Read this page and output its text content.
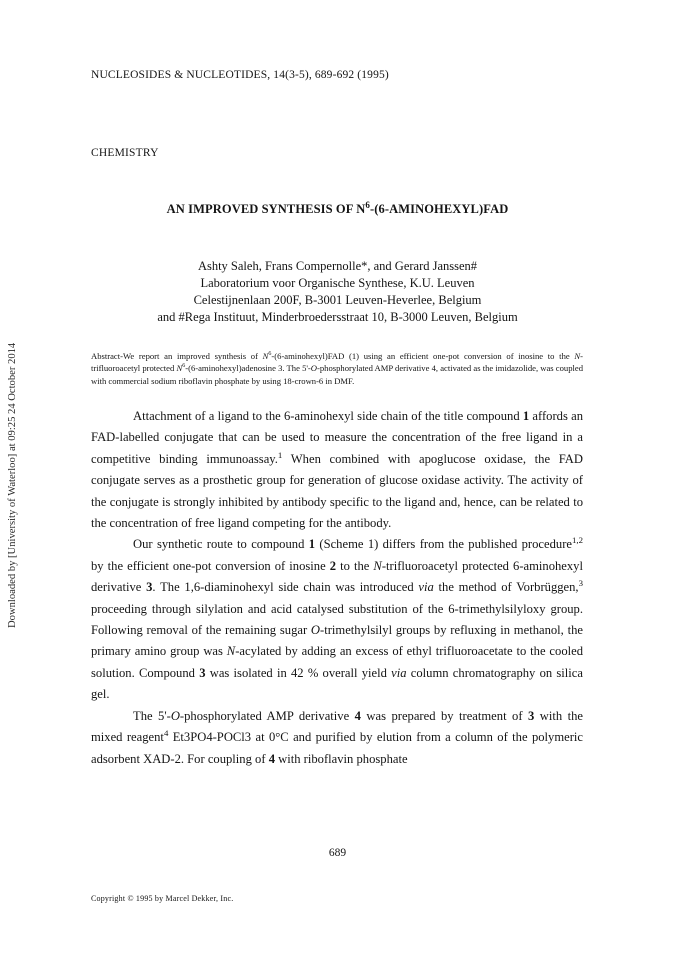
Downloaded by [University of Waterloo] at 09:25 24 October 2014
NUCLEOSIDES & NUCLEOTIDES, 14(3-5), 689-692 (1995)
CHEMISTRY
AN IMPROVED SYNTHESIS OF $N^6-(6-AMINOHEXYL)FAD$
Ashty Saleh, Frans Compernolle*, and Gerard Janssen#
Laboratorium voor Organische Synthese, K.U. Leuven
Celestijnenlaan 200F, B-3001 Leuven-Heverlee, Belgium
and #Rega Instituut, Minderbroedersstraat 10, B-3000 Leuven, Belgium
Abstract-We report an improved synthesis of $N^6-(6-aminohexyl)FAD$ (1) using an efficient one-pot conversion of inosine to the N-trifluoroacetyl protected $N^6-(6-aminohexyl)adenosine$ 3. The 5'-O-phosphorylated AMP derivative 4, activated as the imidazolide, was coupled with commercial sodium riboflavin phosphate by using 18-crown-6 in DMF.

Attachment of a ligand to the 6-aminohexyl side chain of the title compound 1 affords an FAD-labelled conjugate that can be used to measure the concentration of the free ligand in a competitive binding immunoassay.$^1$ When combined with apoglucose oxidase, the FAD conjugate serves as a prosthetic group for generation of glucose oxidase activity. The activity of the conjugate is strongly inhibited by antibody specific to the ligand and, hence, can be related to the concentration of free ligand competing for the antibody.

Our synthetic route to compound 1 (Scheme 1) differs from the published procedure$^{1,2}$ by the efficient one-pot conversion of inosine 2 to the N-trifluoroacetyl protected 6-aminohexyl derivative 3. The 1,6-diaminohexyl side chain was introduced via the method of Vorbrüggen,$^3$ proceeding through silylation and acid catalysed substitution of the 6-trimethylsilyloxy group. Following removal of the remaining sugar O-trimethylsilyl groups by refluxing in methanol, the primary amino group was N-acylated by adding an excess of ethyl trifluoroacetate to the cooled solution. Compound 3 was isolated in 42 % overall yield via column chromatography on silica gel.

The 5'-O-phosphorylated AMP derivative 4 was prepared by treatment of 3 with the mixed reagent$^4$ Et3PO4-POCl3 at 0°C and purified by elution from a column of the polymeric adsorbent XAD-2. For coupling of 4 with riboflavin phosphate

689
Copyright © 1995 by Marcel Dekker, Inc.
